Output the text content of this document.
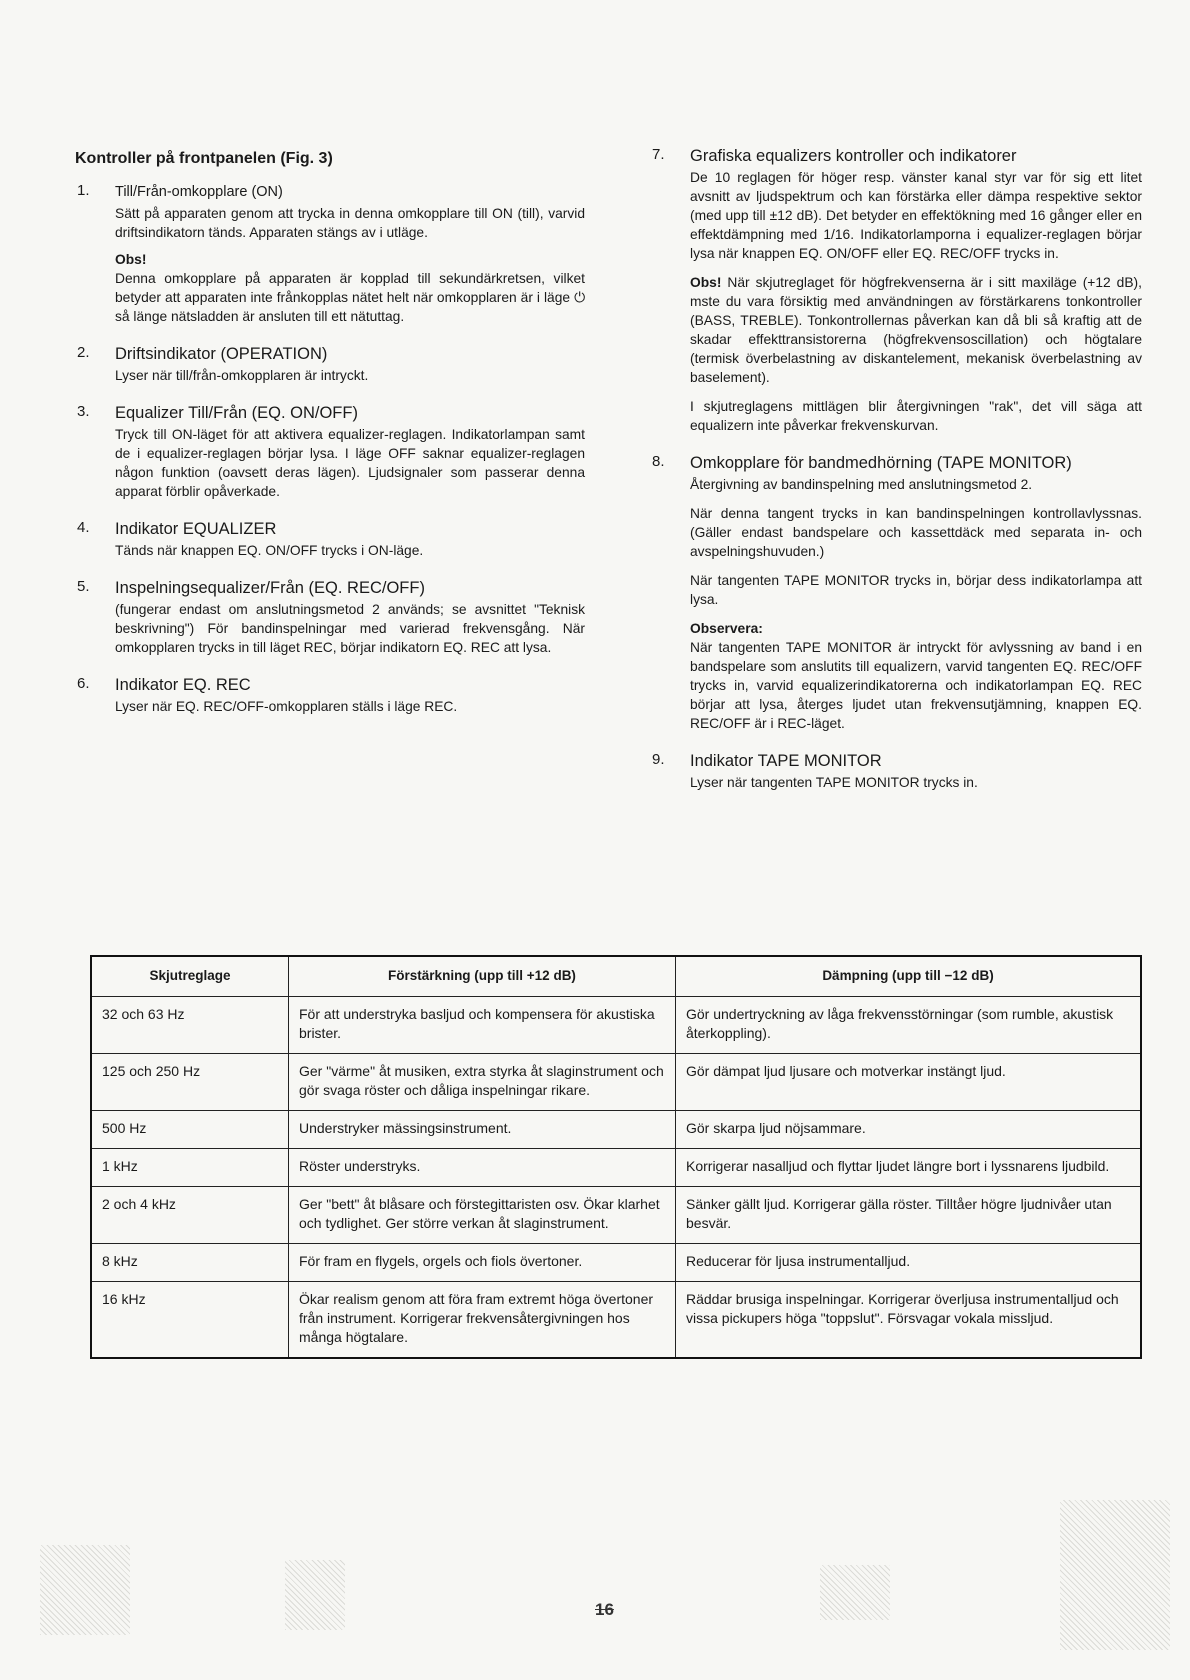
Kontroller på frontpanelen (Fig. 3)
1. Till/Från-omkopplare (ON)

Sätt på apparaten genom att trycka in denna omkopplare till ON (till), varvid driftsindikatorn tänds. Apparaten stängs av i utläge.

Obs!

Denna omkopplare på apparaten är kopplad till sekundärkretsen, vilket betyder att apparaten inte frånkopplas nätet helt när omkopplaren är i läge ⏻ så länge nätsladden är ansluten till ett nätuttag.

2. Driftsindikator (OPERATION)

Lyser när till/från-omkopplaren är intryckt.

3. Equalizer Till/Från (EQ. ON/OFF)

Tryck till ON-läget för att aktivera equalizer-reglagen. Indikatorlampan samt de i equalizer-reglagen börjar lysa. I läge OFF saknar equalizer-reglagen någon funktion (oavsett deras lägen). Ljudsignaler som passerar denna apparat förblir opåverkade.

4. Indikator EQUALIZER

Tänds när knappen EQ. ON/OFF trycks i ON-läge.

5. Inspelningsequalizer/Från (EQ. REC/OFF)

(fungerar endast om anslutningsmetod 2 används; se avsnittet "Teknisk beskrivning") För bandinspelningar med varierad frekvensgång. När omkopplaren trycks in till läget REC, börjar indikatorn EQ. REC att lysa.

6. Indikator EQ. REC

Lyser när EQ. REC/OFF-omkopplaren ställs i läge REC.

7. Grafiska equalizers kontroller och indikatorer

De 10 reglagen för höger resp. vänster kanal styr var för sig ett litet avsnitt av ljudspektrum och kan förstärka eller dämpa respektive sektor (med upp till ±12 dB). Det betyder en effektökning med 16 gånger eller en effektdämpning med 1/16. Indikatorlamporna i equalizer-reglagen börjar lysa när knappen EQ. ON/OFF eller EQ. REC/OFF trycks in.

Obs! När skjutreglaget för högfrekvenserna är i sitt maxiläge (+12 dB), mste du vara försiktig med användningen av förstärkarens tonkontroller (BASS, TREBLE). Tonkontrollernas påverkan kan då bli så kraftig att de skadar effekttransistorerna (högfrekvensoscillation) och högtalare (termisk överbelastning av diskantelement, mekanisk överbelastning av baselement).

I skjutreglagens mittlägen blir återgivningen "rak", det vill säga att equalizern inte påverkar frekvenskurvan.

8. Omkopplare för bandmedhörning (TAPE MONITOR)

Återgivning av bandinspelning med anslutningsmetod 2.

När denna tangent trycks in kan bandinspelningen kontrollavlyssnas. (Gäller endast bandspelare och kassettdäck med separata in- och avspelningshuvuden.)

När tangenten TAPE MONITOR trycks in, börjar dess indikatorlampa att lysa.

Observera:

När tangenten TAPE MONITOR är intryckt för avlyssning av band i en bandspelare som anslutits till equalizern, varvid tangenten EQ. REC/OFF trycks in, varvid equalizerindikatorerna och indikatorlampan EQ. REC börjar att lysa, återges ljudet utan frekvensutjämning, knappen EQ. REC/OFF är i REC-läget.

9. Indikator TAPE MONITOR

Lyser när tangenten TAPE MONITOR trycks in.

Skjutreglage	Förstärkning (upp till +12 dB)	Dämpning (upp till −12 dB)
32 och 63 Hz	För att understryka basljud och kompensera för akustiska brister.	Gör undertryckning av låga frekvensstörningar (som rumble, akustisk återkoppling).
125 och 250 Hz	Ger "värme" åt musiken, extra styrka åt slaginstrument och gör svaga röster och dåliga inspelningar rikare.	Gör dämpat ljud ljusare och motverkar instängt ljud.
500 Hz	Understryker mässingsinstrument.	Gör skarpa ljud nöjsammare.
1 kHz	Röster understryks.	Korrigerar nasalljud och flyttar ljudet längre bort i lyssnarens ljudbild.
2 och 4 kHz	Ger "bett" åt blåsare och förstegittaristen osv. Ökar klarhet och tydlighet. Ger större verkan åt slaginstrument.	Sänker gällt ljud. Korrigerar gälla röster. Tilltåer högre ljudnivåer utan besvär.
8 kHz	För fram en flygels, orgels och fiols övertoner.	Reducerar för ljusa instrumentalljud.
16 kHz	Ökar realism genom att föra fram extremt höga övertoner från instrument. Korrigerar frekvensåtergivningen hos många högtalare.	Räddar brusiga inspelningar. Korrigerar överljusa instrumentalljud och vissa pickupers höga "toppslut". Försvagar vokala missljud.
16
